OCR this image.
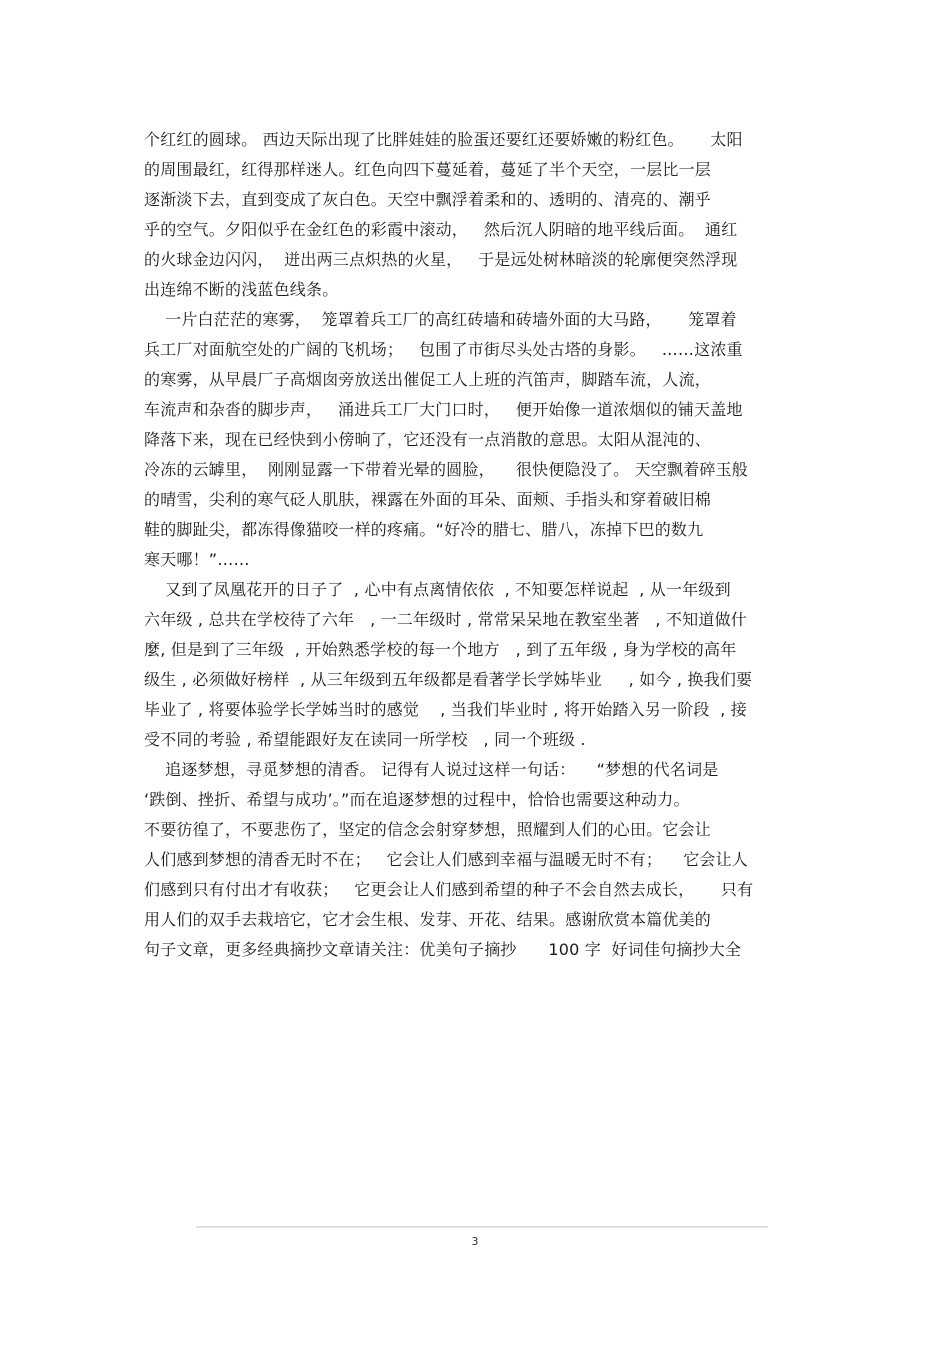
个红红的圆球。 西边天际出现了比胖娃娃的脸蛋还要红还要娇嫩的粉红色。     太阳
的周围最红，红得那样迷人。红色向四下蔓延着，蔓延了半个天空，一层比一层
逐渐淡下去，直到变成了灰白色。天空中飘浮着柔和的、透明的、清亮的、潮乎
乎的空气。夕阳似乎在金红色的彩霞中滚动，   然后沉人阴暗的地平线后面。  通红
的火球金边闪闪，  迸出两三点炽热的火星，   于是远处树林暗淡的轮廓便突然浮现
出连绵不断的浅蓝色线条。
一片白茫茫的寒雾，  笼罩着兵工厂的高红砖墙和砖墙外面的大马路，     笼罩着
兵工厂对面航空处的广阔的飞机场；   包围了市街尽头处古塔的身影。   ……这浓重
的寒雾，从早晨厂子高烟囱旁放送出催促工人上班的汽笛声，脚踏车流，人流，
车流声和杂沓的脚步声，   涌进兵工厂大门口时，   便开始像一道浓烟似的铺天盖地
降落下来，现在已经快到小傍晌了，它还没有一点消散的意思。太阳从混沌的、
冷冻的云罅里，  刚刚显露一下带着光晕的圆脸，    很快便隐没了。 天空飘着碎玉般
的晴雪，尖利的寒气砭人肌肤，裸露在外面的耳朵、面颊、手指头和穿着破旧棉
鞋的脚趾尖，都冻得像猫咬一样的疼痛。“好冷的腊七、腊八，冻掉下巴的数九
寒天哪！”……
又到了凤凰花开的日子了  , 心中有点离情依依  , 不知要怎样说起  , 从一年级到
六年级 , 总共在学校待了六年   , 一二年级时 , 常常呆呆地在教室坐著   , 不知道做什
麼, 但是到了三年级  , 开始熟悉学校的每一个地方   , 到了五年级 , 身为学校的高年
级生 , 必须做好榜样  , 从三年级到五年级都是看著学长学姊毕业     , 如今 , 换我们要
毕业了 , 将要体验学长学姊当时的感觉    , 当我们毕业时 , 将开始踏入另一阶段  , 接
受不同的考验 , 希望能跟好友在读同一所学校   , 同一个班级 .
追逐梦想，寻觅梦想的清香。 记得有人说过这样一句话：    “梦想的代名词是
‘跌倒、挫折、希望与成功’。”而在追逐梦想的过程中，恰恰也需要这种动力。
不要彷徨了，不要悲伤了，坚定的信念会射穿梦想，照耀到人们的心田。它会让
人们感到梦想的清香无时不在；   它会让人们感到幸福与温暖无时不有；    它会让人
们感到只有付出才有收获；   它更会让人们感到希望的种子不会自然去成长，     只有
用人们的双手去栽培它，它才会生根、发芽、开花、结果。感谢欣赏本篇优美的
句子文章，更多经典摘抄文章请关注：优美句子摘抄      100 字  好词佳句摘抄大全
3
